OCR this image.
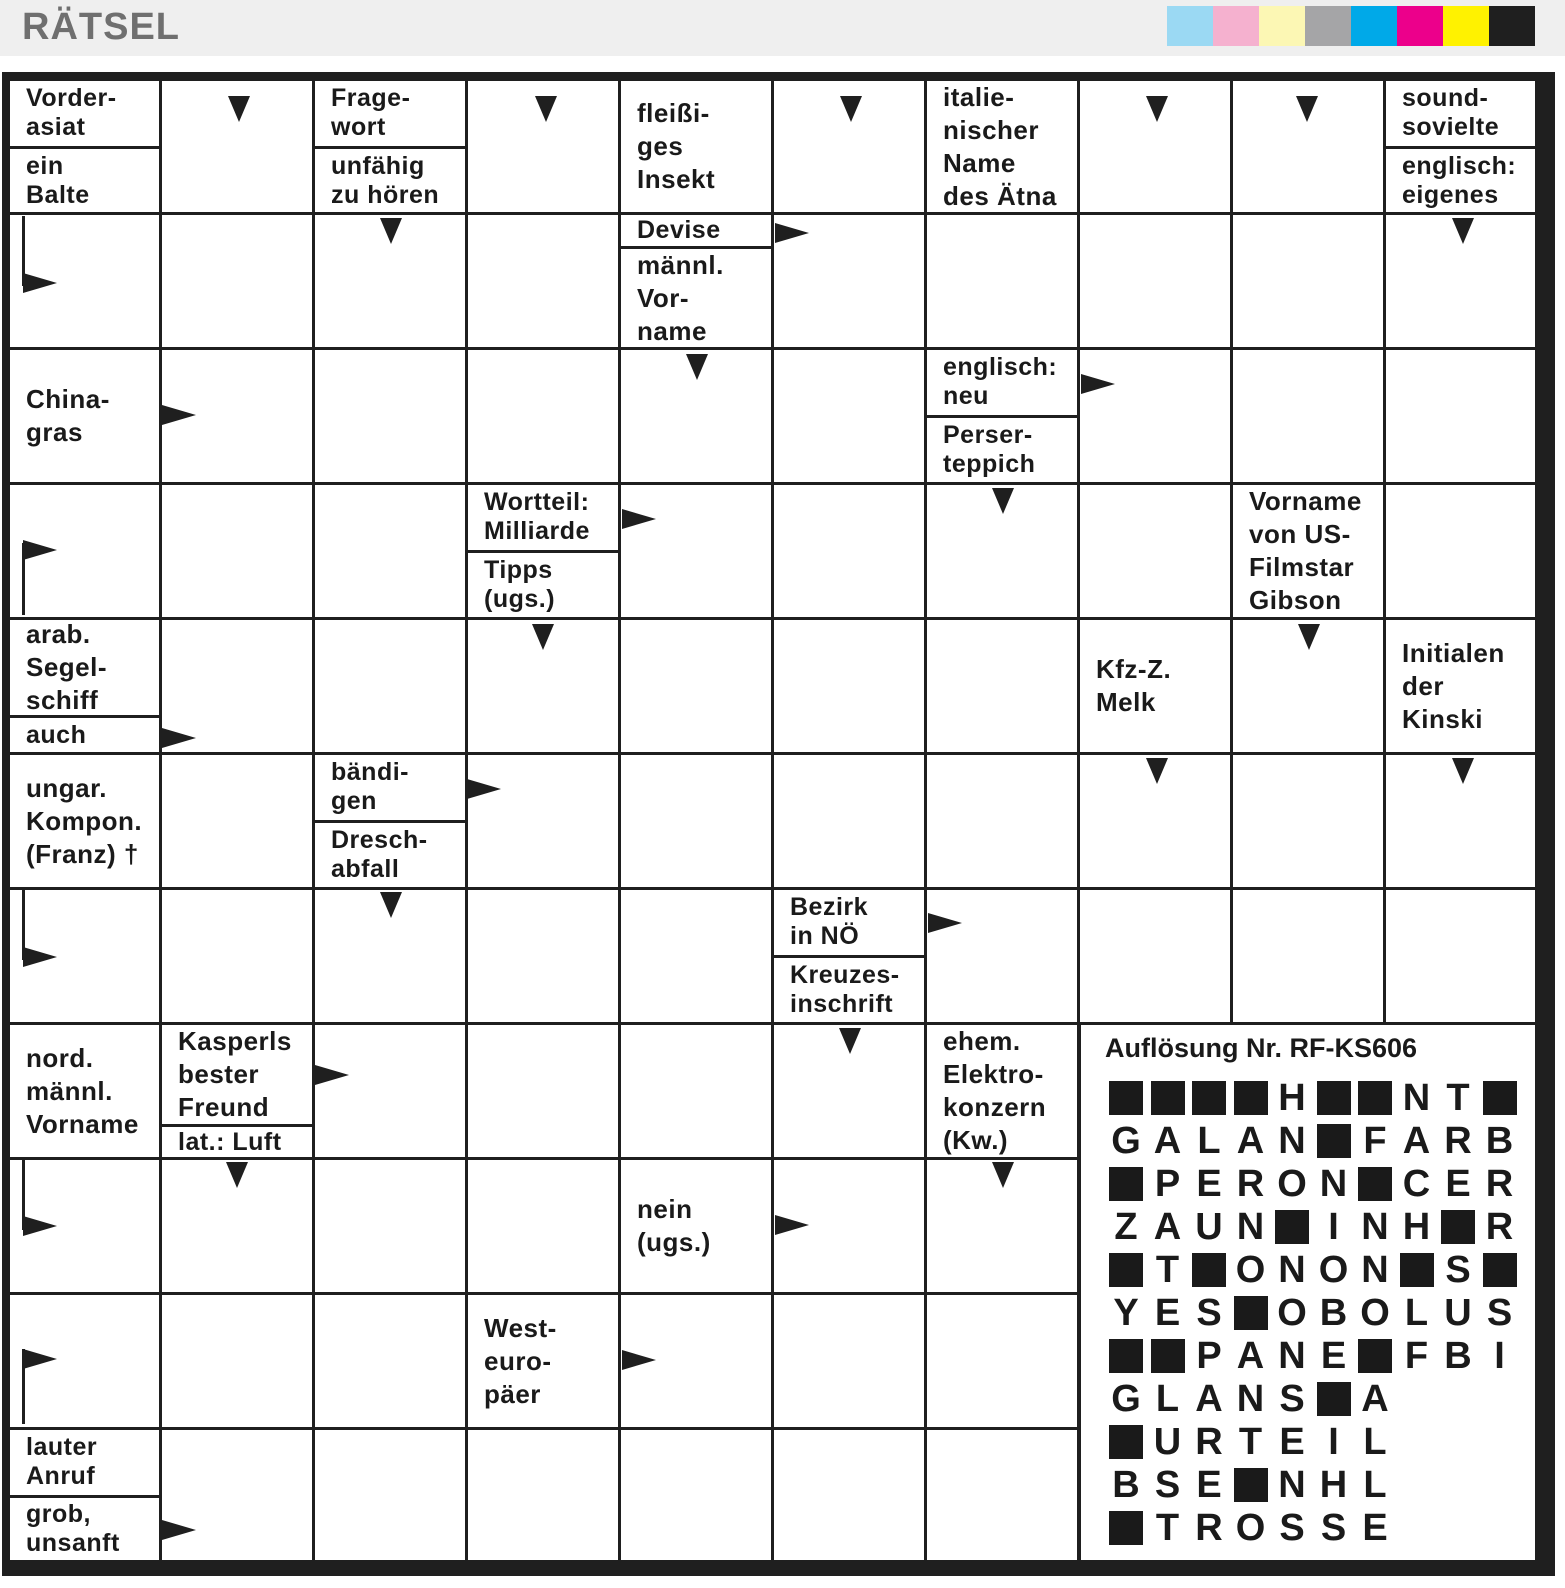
RÄTSEL
Vorder-
asiat
ein
Balte
Frage-
wort
unfähig
zu hören
fleißi-
ges
Insekt
italie-
nischer
Name
des Ätna
sound-
sovielte
englisch:
eigenes
Devise
männl.
Vor-
name
China-
gras
englisch:
neu
Perser-
teppich
Wortteil:
Milliarde
Tipps
(ugs.)
Vorname
von US-
Filmstar
Gibson
arab.
Segel-
schiff
auch
Kfz-Z.
Melk
Initialen
der
Kinski
ungar.
Kompon.
(Franz) †
bändi-
gen
Dresch-
abfall
Bezirk
in NÖ
Kreuzes-
inschrift
nord.
männl.
Vorname
Kasperls
bester
Freund
lat.: Luft
ehem.
Elektro-
konzern
(Kw.)
nein
(ugs.)
West-
euro-
päer
lauter
Anruf
grob,
unsanft
Auflösung Nr. RF-KS606
H	N T
G A L A N F A R B
P E R O N C E R
Z A U N	I N H R
T O N O N S
Y E S O B O L U S
P A N E F B I
G L A N S A
U R T E I L
B S E N H L
T R O S S E
